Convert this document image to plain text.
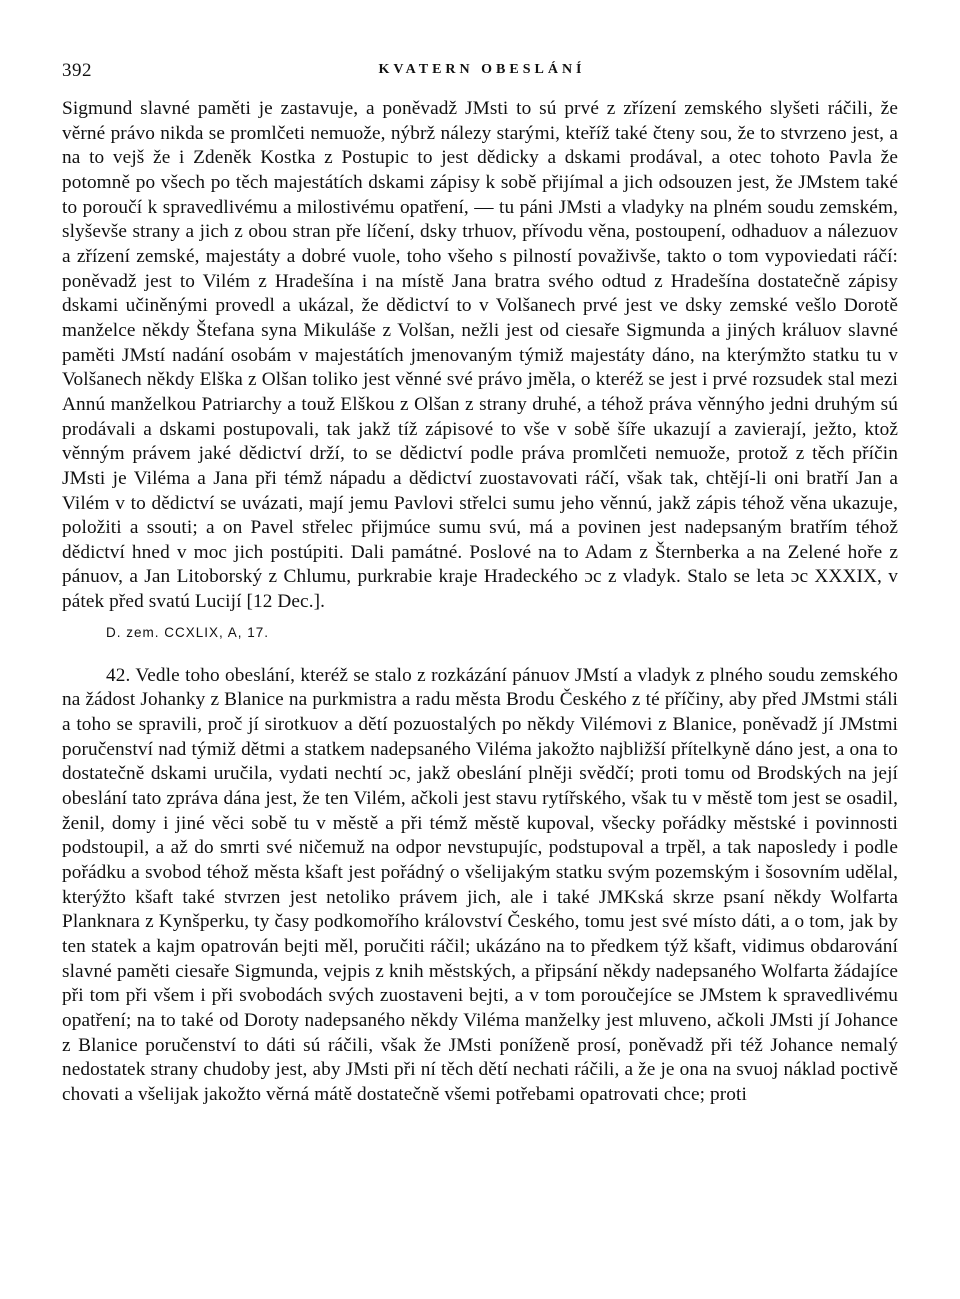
392	KVATERN OBESLÁNÍ

Sigmund slavné paměti je zastavuje, a poněvadž JMsti to sú prvé z zřízení zemského slyšeti ráčili, že věrné právo nikda se promlčeti nemuože, nýbrž nálezy starými, kteříž také čteny sou, že to stvrzeno jest, a na to vejš že i Zdeněk Kostka z Postupic to jest dědicky a dskami prodával, a otec tohoto Pavla že potomně po všech po těch majestátích dskami zápisy k sobě přijímal a jich odsouzen jest, že JMstem také to poroučí k spravedlivému a milostivému opatření, — tu páni JMsti a vladyky na plném soudu zemském, slyševše strany a jich z obou stran pře líčení, dsky trhuov, přívodu věna, postoupení, odhaduov a nálezuov a zřízení zemské, majestáty a dobré vuole, toho všeho s pilností považivše, takto o tom vypoviedati ráčí: poněvadž jest to Vilém z Hradešína i na místě Jana bratra svého odtud z Hradešína dostatečně zápisy dskami učiněnými provedl a ukázal, že dědictví to v Volšanech prvé jest ve dsky zemské vešlo Dorotě manželce někdy Štefana syna Mikuláše z Volšan, nežli jest od ciesaře Sigmunda a jiných králuov slavné paměti JMstí nadání osobám v majestátích jmenovaným týmiž majestáty dáno, na kterýmžto statku tu v Volšanech někdy Elška z Olšan toliko jest věnné své právo jměla, o kteréž se jest i prvé rozsudek stal mezi Annú manželkou Patriarchy a touž Elškou z Olšan z strany druhé, a téhož práva věnnýho jedni druhým sú prodávali a dskami postupovali, tak jakž tíž zápisové to vše v sobě šíře ukazují a zavierají, ježto, ktož věnným právem jaké dědictví drží, to se dědictví podle práva promlčeti nemuože, protož z těch příčin JMsti je Viléma a Jana při témž nápadu a dědictví zuostavovati ráčí, však tak, chtějí-li oni bratří Jan a Vilém v to dědictví se uvázati, mají jemu Pavlovi střelci sumu jeho věnnú, jakž zápis téhož věna ukazuje, položiti a ssouti; a on Pavel střelec přijmúce sumu svú, má a povinen jest nadepsaným bratřím téhož dědictví hned v moc jich postúpiti. Dali památné. Poslové na to Adam z Šternberka a na Zelené hoře z pánuov, a Jan Litoborský z Chlumu, purkrabie kraje Hradeckého ɔc z vladyk. Stalo se leta ɔc XXXIX, v pátek před svatú Lucijí [12 Dec.].

D. zem. CCXLIX, A, 17.

42. Vedle toho obeslání, kteréž se stalo z rozkázání pánuov JMstí a vladyk z plného soudu zemského na žádost Johanky z Blanice na purkmistra a radu města Brodu Českého z té příčiny, aby před JMstmi stáli a toho se spravili, proč jí sirotkuov a dětí pozuostalých po někdy Vilémovi z Blanice, poněvadž jí JMstmi poručenství nad týmiž dětmi a statkem nadepsaného Viléma jakožto najbližší přítelkyně dáno jest, a ona to dostatečně dskami uručila, vydati nechtí ɔc, jakž obeslání plněji svědčí; proti tomu od Brodských na její obeslání tato zpráva dána jest, že ten Vilém, ačkoli jest stavu rytířského, však tu v městě tom jest se osadil, ženil, domy i jiné věci sobě tu v městě a při témž městě kupoval, všecky pořádky městské i povinnosti podstoupil, a až do smrti své ničemuž na odpor nevstupujíc, podstupoval a trpěl, a tak naposledy i podle pořádku a svobod téhož města kšaft jest pořádný o všelijakým statku svým pozemským i šosovním udělal, kterýžto kšaft také stvrzen jest netoliko právem jich, ale i také JMKská skrze psaní někdy Wolfarta Planknara z Kynšperku, ty časy podkomořího království Českého, tomu jest své místo dáti, a o tom, jak by ten statek a kajm opatrován bejti měl, poručiti ráčil; ukázáno na to předkem týž kšaft, vidimus obdarování slavné paměti ciesaře Sigmunda, vejpis z knih městských, a připsání někdy nadepsaného Wolfarta žádajíce při tom při všem i při svobodách svých zuostaveni bejti, a v tom poroučejíce se JMstem k spravedlivému opatření; na to také od Doroty nadepsaného někdy Viléma manželky jest mluveno, ačkoli JMsti jí Johance z Blanice poručenství to dáti sú ráčili, však že JMsti poníženě prosí, poněvadž při též Johance nemalý nedostatek strany chudoby jest, aby JMsti při ní těch dětí nechati ráčili, a že je ona na svuoj náklad poctivě chovati a všelijak jakožto věrná mátě dostatečně všemi potřebami opatrovati chce; proti
